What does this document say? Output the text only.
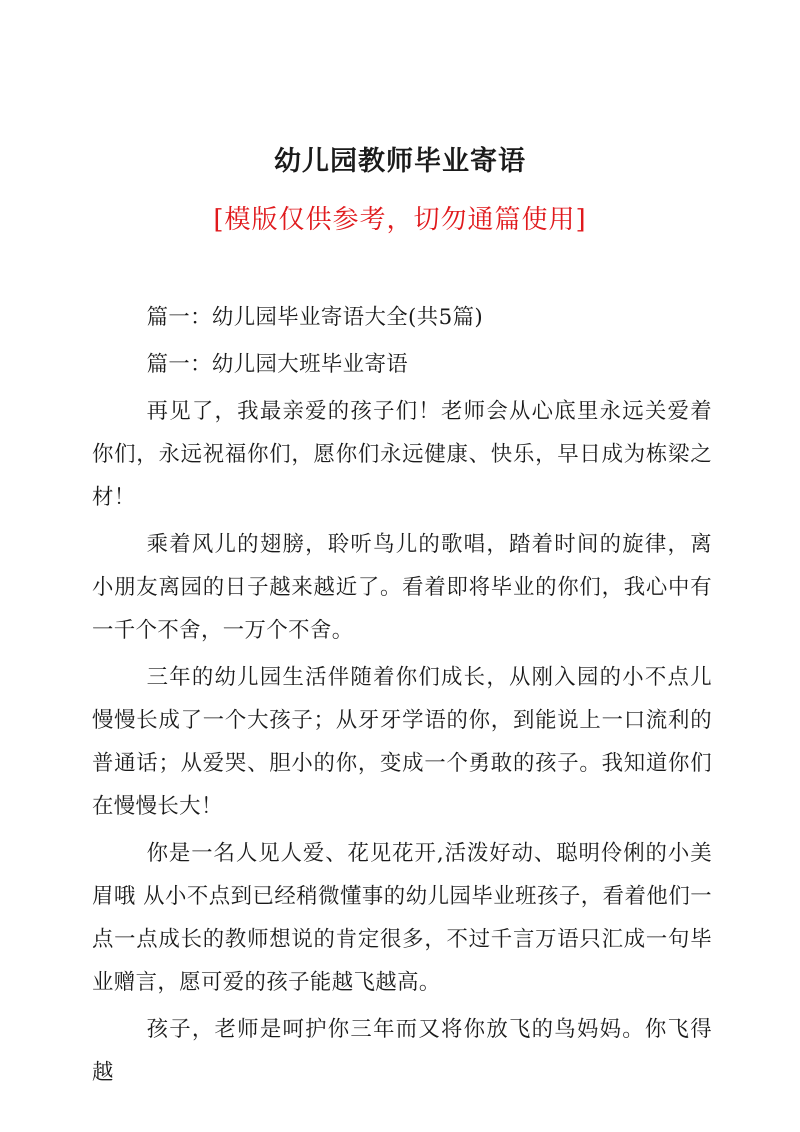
幼儿园教师毕业寄语
[模版仅供参考，切勿通篇使用]

篇一：幼儿园毕业寄语大全(共5篇)

篇一：幼儿园大班毕业寄语

再见了，我最亲爱的孩子们！老师会从心底里永远关爱着你们，永远祝福你们，愿你们永远健康、快乐，早日成为栋梁之材！

乘着风儿的翅膀，聆听鸟儿的歌唱，踏着时间的旋律，离小朋友离园的日子越来越近了。看着即将毕业的你们，我心中有一千个不舍，一万个不舍。

三年的幼儿园生活伴随着你们成长，从刚入园的小不点儿慢慢长成了一个大孩子；从牙牙学语的你，到能说上一口流利的普通话；从爱哭、胆小的你，变成一个勇敢的孩子。我知道你们在慢慢长大！

你是一名人见人爱、花见花开,活泼好动、聪明伶俐的小美眉哦 从小不点到已经稍微懂事的幼儿园毕业班孩子，看着他们一点一点成长的教师想说的肯定很多，不过千言万语只汇成一句毕业赠言，愿可爱的孩子能越飞越高。

孩子，老师是呵护你三年而又将你放飞的鸟妈妈。你飞得越
